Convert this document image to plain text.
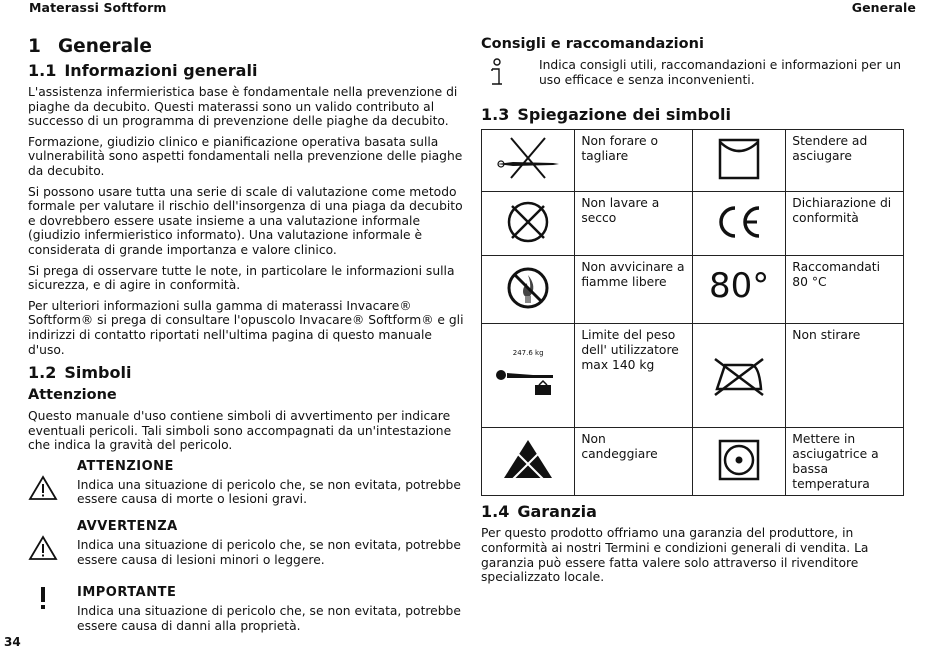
Materassi Softform	Generale
1 Generale
1.1 Informazioni generali

L'assistenza infermieristica base è fondamentale nella prevenzione di piaghe da decubito. Questi materassi sono un valido contributo al successo di un programma di prevenzione delle piaghe da decubito.

Formazione, giudizio clinico e pianificazione operativa basata sulla vulnerabilità sono aspetti fondamentali nella prevenzione delle piaghe da decubito.

Si possono usare tutta una serie di scale di valutazione come metodo formale per valutare il rischio dell'insorgenza di una piaga da decubito e dovrebbero essere usate insieme a una valutazione informale (giudizio infermieristico informato). Una valutazione informale è considerata di grande importanza e valore clinico.

Si prega di osservare tutte le note, in particolare le informazioni sulla sicurezza, e di agire in conformità.

Per ulteriori informazioni sulla gamma di materassi Invacare® Softform® si prega di consultare l'opuscolo Invacare® Softform® e gli indirizzi di contatto riportati nell'ultima pagina di questo manuale d'uso.

1.2 Simboli
Attenzione

Questo manuale d'uso contiene simboli di avvertimento per indicare eventuali pericoli. Tali simboli sono accompagnati da un'intestazione che indica la gravità del pericolo.

ATTENZIONE

Indica una situazione di pericolo che, se non evitata, potrebbe essere causa di morte o lesioni gravi.

AVVERTENZA

Indica una situazione di pericolo che, se non evitata, potrebbe essere causa di lesioni minori o leggere.

IMPORTANTE

Indica una situazione di pericolo che, se non evitata, potrebbe essere causa di danni alla proprietà.

34
Consigli e raccomandazioni

Indica consigli utili, raccomandazioni e informazioni per un uso efficace e senza inconvenienti.

1.3 Spiegazione dei simboli
	Non forare o tagliare		Stendere ad asciugare
	Non lavare a secco		Dichiarazione di conformità
	Non avvicinare a fiamme libere	80°	Raccomandati 80 °C

247.6 kg	Limite del peso dell' utilizzatore max 140 kg		Non stirare
	Non candeggiare		Mettere in asciugatrice a bassa temperatura
1.4 Garanzia

Per questo prodotto offriamo una garanzia del produttore, in conformità ai nostri Termini e condizioni generali di vendita. La garanzia può essere fatta valere solo attraverso il rivenditore specializzato locale.
